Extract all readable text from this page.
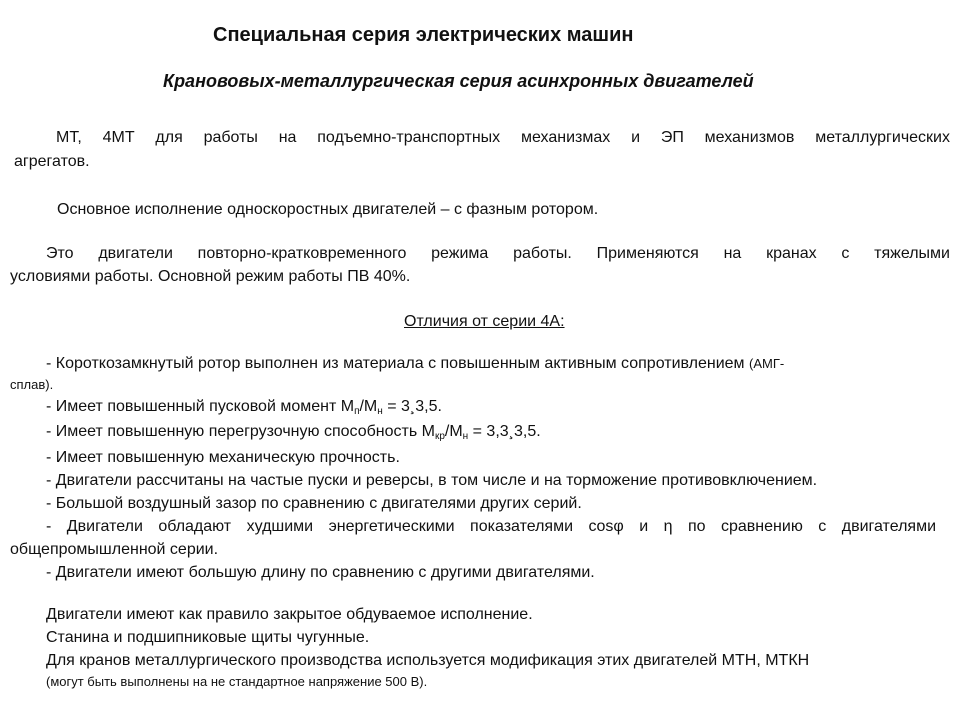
Специальная серия электрических машин
Кранововых-металлургическая серия асинхронных двигателей

МТ, 4МТ для работы на подъемно-транспортных механизмах и ЭП механизмов металлургических

агрегатов.

Основное исполнение односкоростных двигателей – с фазным ротором.

Это двигатели повторно-кратковременного режима работы. Применяются на кранах с тяжелыми

условиями работы. Основной режим работы ПВ 40%.

Отличия от серии 4А:

- Короткозамкнутый ротор выполнен из материала с повышенным активным сопротивлением (АМГ-

сплав).

- Имеет повышенный пусковой момент $М_п/М_н$ = 3¸3,5.

- Имеет повышенную перегрузочную способность $М_{кр}/М_н$ = 3,3¸3,5.

- Имеет повышенную механическую прочность.

- Двигатели рассчитаны на частые пуски и реверсы, в том числе и на торможение противовключением.

- Большой воздушный зазор по сравнению с двигателями других серий.

- Двигатели обладают худшими энергетическими показателями cosφ и η по сравнению с двигателями

общепромышленной серии.

- Двигатели имеют большую длину по сравнению с другими двигателями.

Двигатели имеют как правило закрытое обдуваемое исполнение.

Станина и подшипниковые щиты чугунные.

Для кранов металлургического производства используется модификация этих двигателей МТН, МТКН

(могут быть выполнены на не стандартное напряжение 500 В).
